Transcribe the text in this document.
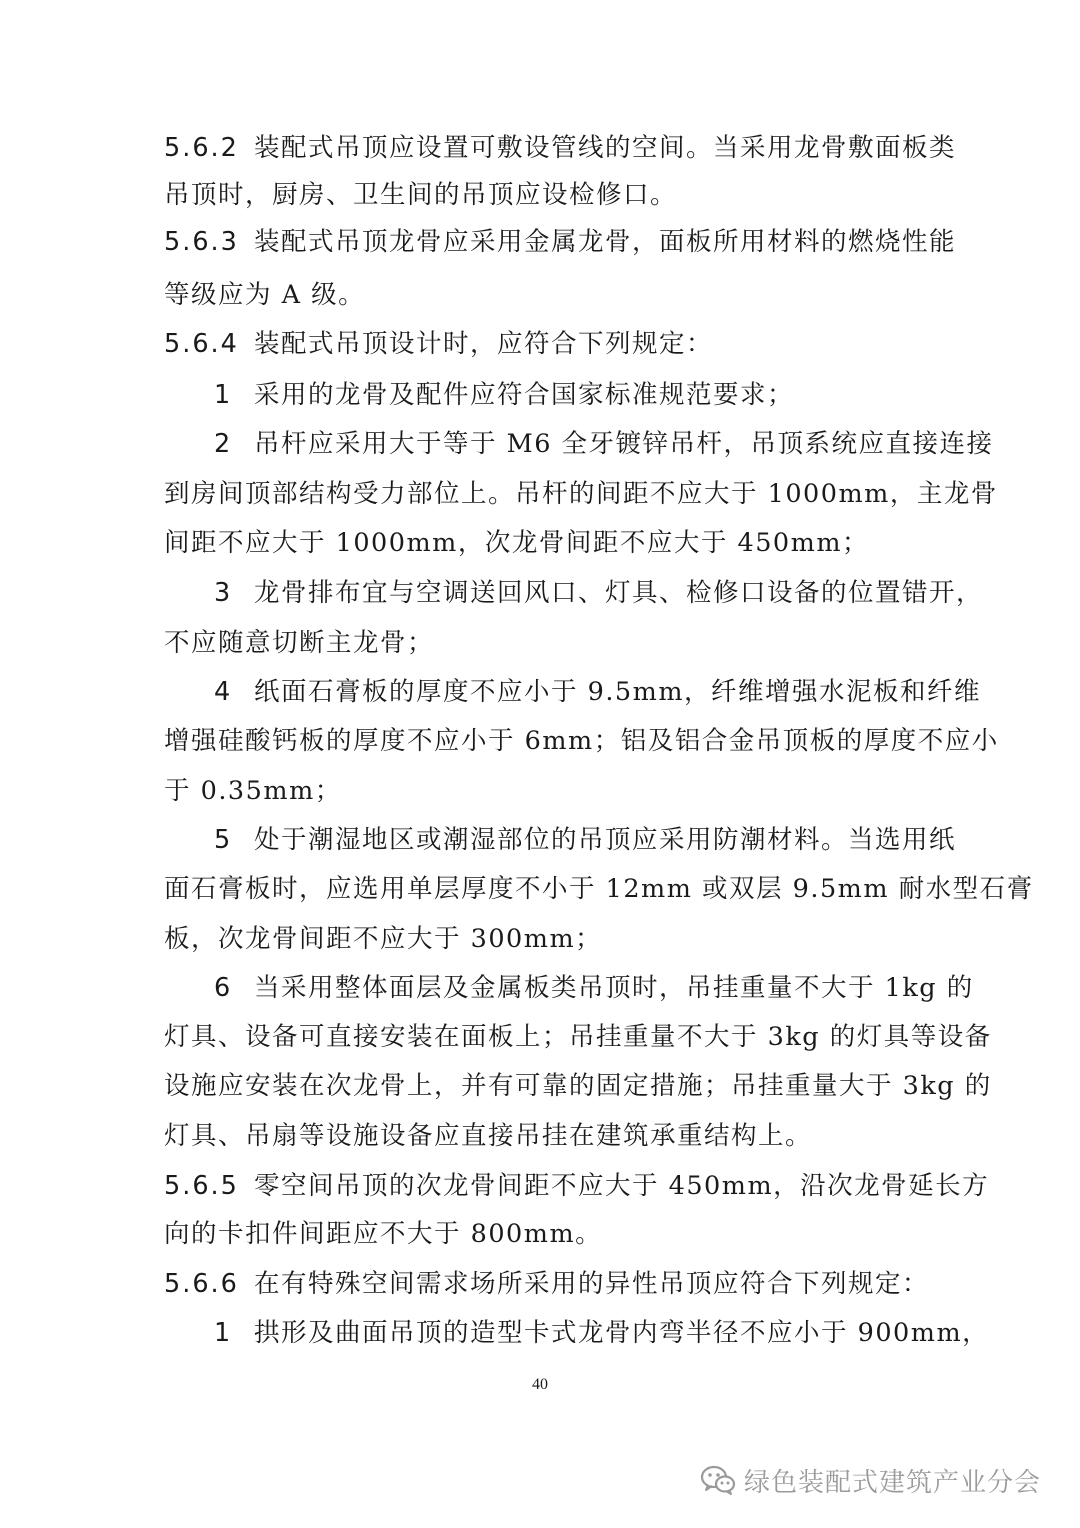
5.6.2 装配式吊顶应设置可敷设管线的空间。当采用龙骨敷面板类
吊顶时，厨房、卫生间的吊顶应设检修口。
5.6.3 装配式吊顶龙骨应采用金属龙骨，面板所用材料的燃烧性能
等级应为 A 级。
5.6.4 装配式吊顶设计时，应符合下列规定：
1 采用的龙骨及配件应符合国家标准规范要求；
2 吊杆应采用大于等于 M6 全牙镀锌吊杆，吊顶系统应直接连接
到房间顶部结构受力部位上。吊杆的间距不应大于 1000mm，主龙骨
间距不应大于 1000mm，次龙骨间距不应大于 450mm；
3 龙骨排布宜与空调送回风口、灯具、检修口设备的位置错开，
不应随意切断主龙骨；
4 纸面石膏板的厚度不应小于 9.5mm，纤维增强水泥板和纤维
增强硅酸钙板的厚度不应小于 6mm；铝及铝合金吊顶板的厚度不应小
于 0.35mm；
5 处于潮湿地区或潮湿部位的吊顶应采用防潮材料。当选用纸
面石膏板时，应选用单层厚度不小于 12mm 或双层 9.5mm 耐水型石膏
板，次龙骨间距不应大于 300mm；
6 当采用整体面层及金属板类吊顶时，吊挂重量不大于 1kg 的
灯具、设备可直接安装在面板上；吊挂重量不大于 3kg 的灯具等设备
设施应安装在次龙骨上，并有可靠的固定措施；吊挂重量大于 3kg 的
灯具、吊扇等设施设备应直接吊挂在建筑承重结构上。
5.6.5 零空间吊顶的次龙骨间距不应大于 450mm，沿次龙骨延长方
向的卡扣件间距应不大于 800mm。
5.6.6 在有特殊空间需求场所采用的异性吊顶应符合下列规定：
1 拱形及曲面吊顶的造型卡式龙骨内弯半径不应小于 900mm，
40
绿色装配式建筑产业分会
